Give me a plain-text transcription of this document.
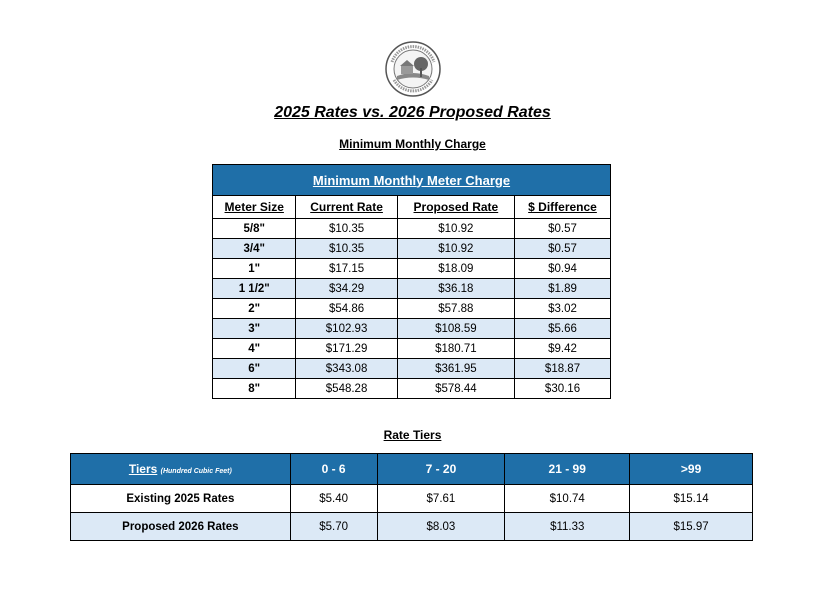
2025 Rates vs. 2026 Proposed Rates
Minimum Monthly Charge
Minimum Monthly Meter Charge			
Meter Size	Current Rate	Proposed Rate	$ Difference
5/8"	$10.35	$10.92	$0.57
3/4"	$10.35	$10.92	$0.57
1"	$17.15	$18.09	$0.94
1 1/2"	$34.29	$36.18	$1.89
2"	$54.86	$57.88	$3.02
3"	$102.93	$108.59	$5.66
4"	$171.29	$180.71	$9.42
6"	$343.08	$361.95	$18.87
8"	$548.28	$578.44	$30.16
Rate Tiers
Tiers (Hundred Cubic Feet)	0 - 6	7 - 20	21 - 99	>99
Existing 2025 Rates	$5.40	$7.61	$10.74	$15.14
Proposed 2026 Rates	$5.70	$8.03	$11.33	$15.97
